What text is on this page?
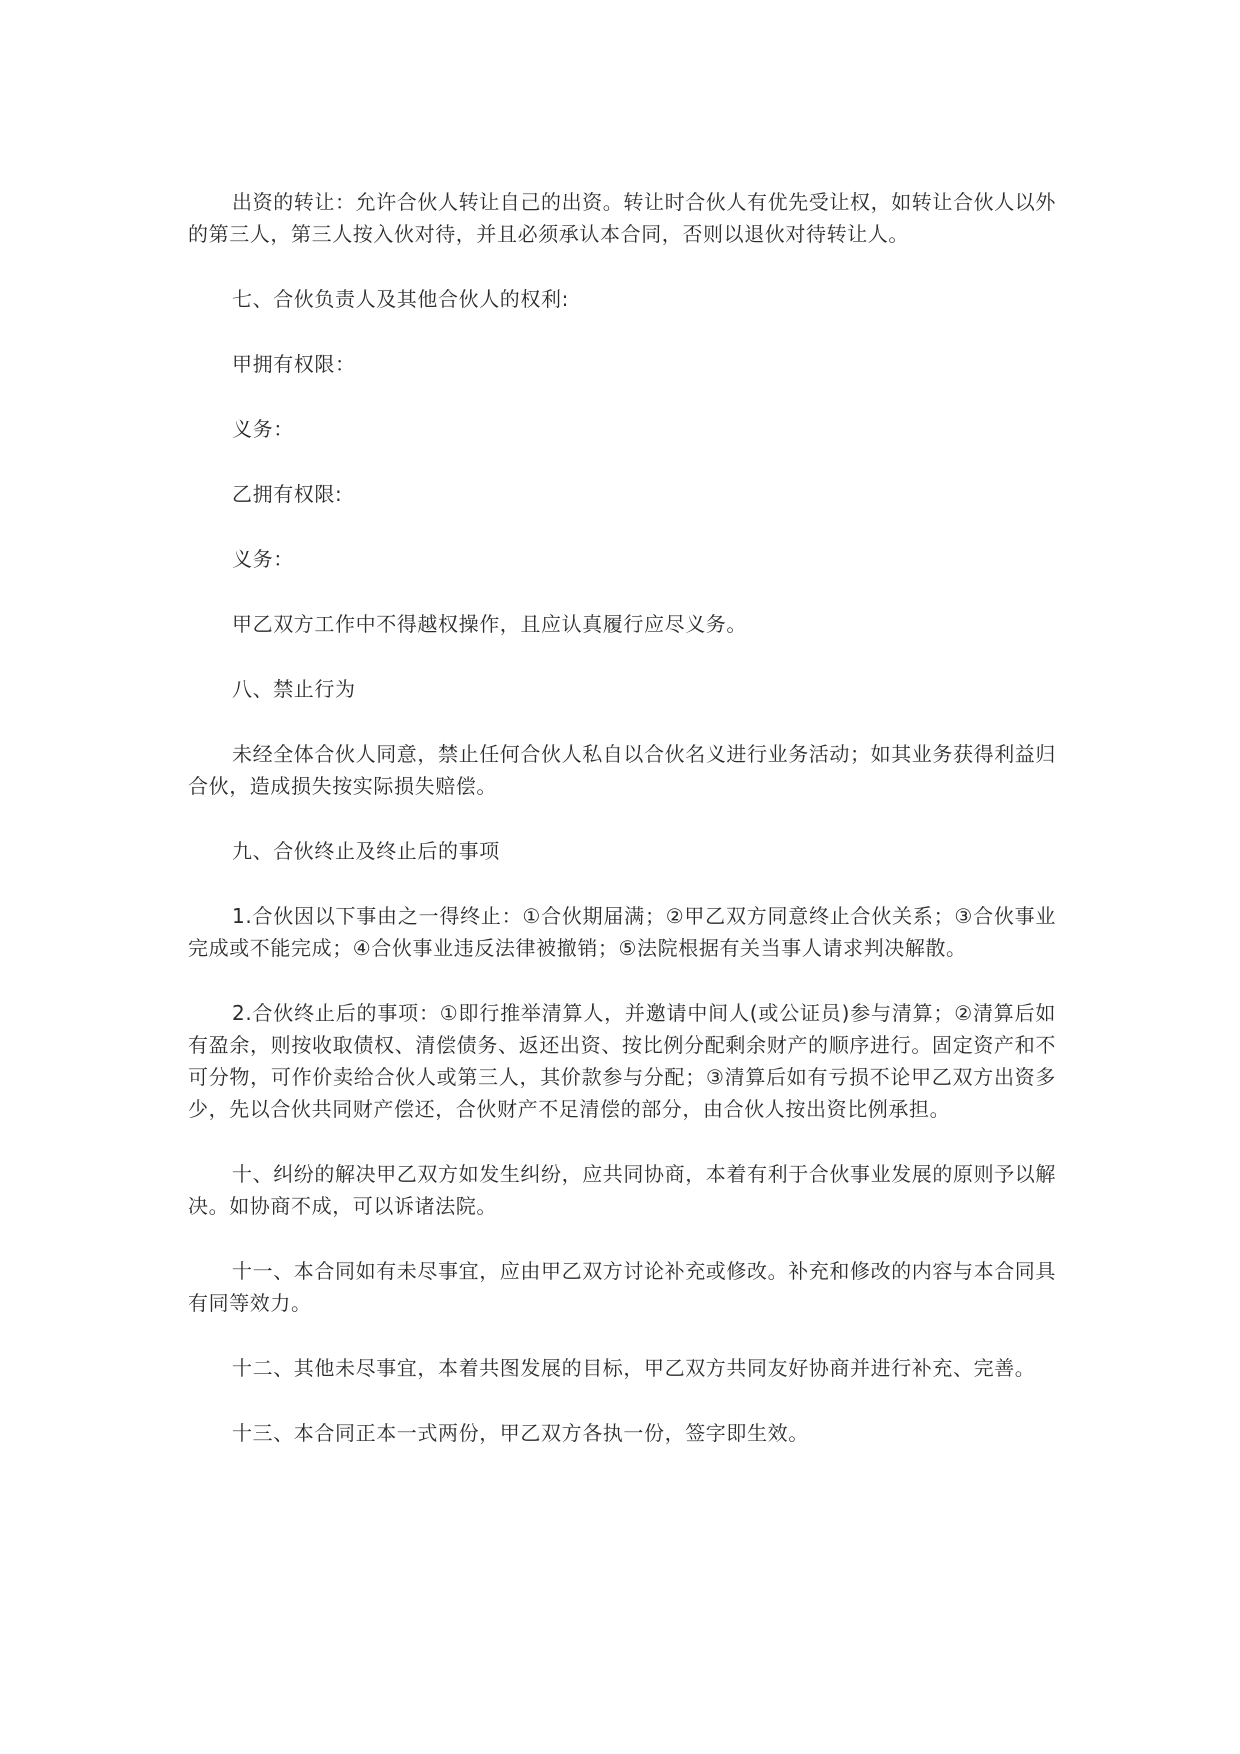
出资的转让：允许合伙人转让自己的出资。转让时合伙人有优先受让权，如转让合伙人以外的第三人，第三人按入伙对待，并且必须承认本合同，否则以退伙对待转让人。

七、合伙负责人及其他合伙人的权利:

甲拥有权限：

义务：

乙拥有权限:

义务：

甲乙双方工作中不得越权操作，且应认真履行应尽义务。

八、禁止行为

未经全体合伙人同意，禁止任何合伙人私自以合伙名义进行业务活动；如其业务获得利益归合伙，造成损失按实际损失赔偿。

九、合伙终止及终止后的事项

1.合伙因以下事由之一得终止：①合伙期届满；②甲乙双方同意终止合伙关系；③合伙事业完成或不能完成；④合伙事业违反法律被撤销；⑤法院根据有关当事人请求判决解散。

2.合伙终止后的事项：①即行推举清算人，并邀请中间人(或公证员)参与清算；②清算后如有盈余，则按收取债权、清偿债务、返还出资、按比例分配剩余财产的顺序进行。固定资产和不可分物，可作价卖给合伙人或第三人，其价款参与分配；③清算后如有亏损不论甲乙双方出资多少，先以合伙共同财产偿还，合伙财产不足清偿的部分，由合伙人按出资比例承担。

十、纠纷的解决甲乙双方如发生纠纷，应共同协商，本着有利于合伙事业发展的原则予以解决。如协商不成，可以诉诸法院。

十一、本合同如有未尽事宜，应由甲乙双方讨论补充或修改。补充和修改的内容与本合同具有同等效力。

十二、其他未尽事宜，本着共图发展的目标，甲乙双方共同友好协商并进行补充、完善。

十三、本合同正本一式两份，甲乙双方各执一份，签字即生效。
